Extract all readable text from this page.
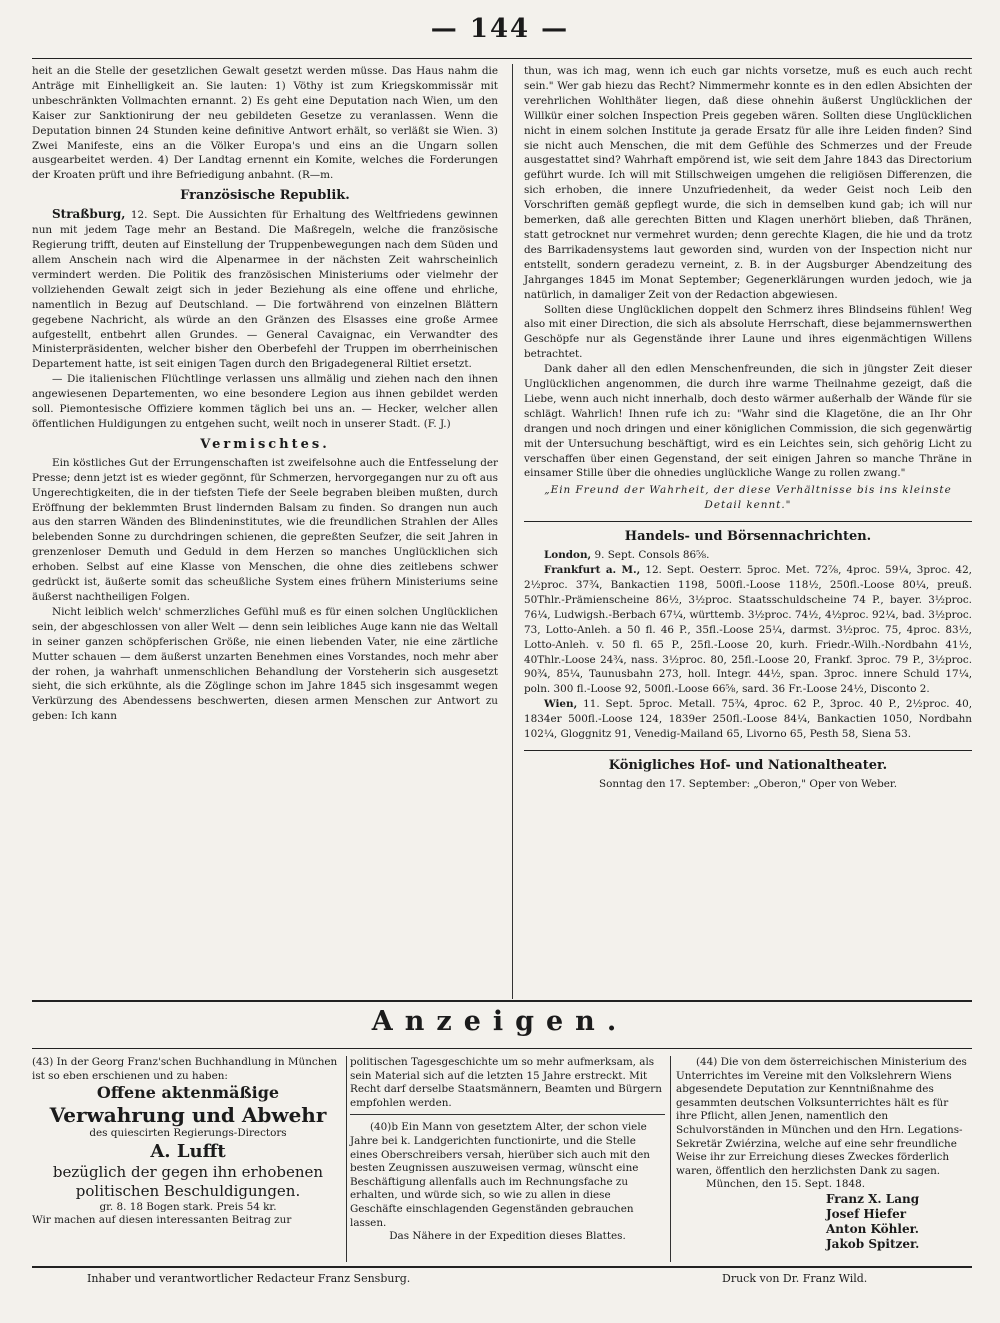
— 144 —

heit an die Stelle der gesetzlichen Gewalt gesetzt werden müsse. Das Haus nahm die Anträge mit Einhelligkeit an. Sie lauten: 1) Vöthy ist zum Kriegskommissär mit unbeschränkten Vollmachten ernannt. 2) Es geht eine Deputation nach Wien, um den Kaiser zur Sanktionirung der neu gebildeten Gesetze zu veranlassen. Wenn die Deputation binnen 24 Stunden keine definitive Antwort erhält, so verläßt sie Wien. 3) Zwei Manifeste, eins an die Völker Europa's und eins an die Ungarn sollen ausgearbeitet werden. 4) Der Landtag ernennt ein Komite, welches die Forderungen der Kroaten prüft und ihre Befriedigung anbahnt. (R—m.

Französische Republik.

Straßburg, 12. Sept. Die Aussichten für Erhaltung des Weltfriedens gewinnen nun mit jedem Tage mehr an Bestand. Die Maßregeln, welche die französische Regierung trifft, deuten auf Einstellung der Truppenbewegungen nach dem Süden und allem Anschein nach wird die Alpenarmee in der nächsten Zeit wahrscheinlich vermindert werden. Die Politik des französischen Ministeriums oder vielmehr der vollziehenden Gewalt zeigt sich in jeder Beziehung als eine offene und ehrliche, namentlich in Bezug auf Deutschland. — Die fortwährend von einzelnen Blättern gegebene Nachricht, als würde an den Gränzen des Elsasses eine große Armee aufgestellt, entbehrt allen Grundes. — General Cavaignac, ein Verwandter des Ministerpräsidenten, welcher bisher den Oberbefehl der Truppen im oberrheinischen Departement hatte, ist seit einigen Tagen durch den Brigadegeneral Riltiet ersetzt.

— Die italienischen Flüchtlinge verlassen uns allmälig und ziehen nach den ihnen angewiesenen Departementen, wo eine besondere Legion aus ihnen gebildet werden soll. Piemontesische Offiziere kommen täglich bei uns an. — Hecker, welcher allen öffentlichen Huldigungen zu entgehen sucht, weilt noch in unserer Stadt. (F. J.)

Vermischtes.

Ein köstliches Gut der Errungenschaften ist zweifelsohne auch die Entfesselung der Presse; denn jetzt ist es wieder gegönnt, für Schmerzen, hervorgegangen nur zu oft aus Ungerechtigkeiten, die in der tiefsten Tiefe der Seele begraben bleiben mußten, durch Eröffnung der beklemmten Brust lindernden Balsam zu finden. So drangen nun auch aus den starren Wänden des Blindeninstitutes, wie die freundlichen Strahlen der Alles belebenden Sonne zu durchdringen schienen, die gepreßten Seufzer, die seit Jahren in grenzenloser Demuth und Geduld in dem Herzen so manches Unglücklichen sich erhoben. Selbst auf eine Klasse von Menschen, die ohne dies zeitlebens schwer gedrückt ist, äußerte somit das scheußliche System eines frühern Ministeriums seine äußerst nachtheiligen Folgen.

Nicht leiblich welch' schmerzliches Gefühl muß es für einen solchen Unglücklichen sein, der abgeschlossen von aller Welt — denn sein leibliches Auge kann nie das Weltall in seiner ganzen schöpferischen Größe, nie einen liebenden Vater, nie eine zärtliche Mutter schauen — dem äußerst unzarten Benehmen eines Vorstandes, noch mehr aber der rohen, ja wahrhaft unmenschlichen Behandlung der Vorsteherin sich ausgesetzt sieht, die sich erkühnte, als die Zöglinge schon im Jahre 1845 sich insgesammt wegen Verkürzung des Abendessens beschwerten, diesen armen Menschen zur Antwort zu geben: Ich kann

thun, was ich mag, wenn ich euch gar nichts vorsetze, muß es euch auch recht sein." Wer gab hiezu das Recht? Nimmermehr konnte es in den edlen Absichten der verehrlichen Wohlthäter liegen, daß diese ohnehin äußerst Unglücklichen der Willkür einer solchen Inspection Preis gegeben wären. Sollten diese Unglücklichen nicht in einem solchen Institute ja gerade Ersatz für alle ihre Leiden finden? Sind sie nicht auch Menschen, die mit dem Gefühle des Schmerzes und der Freude ausgestattet sind? Wahrhaft empörend ist, wie seit dem Jahre 1843 das Directorium geführt wurde. Ich will mit Stillschweigen umgehen die religiösen Differenzen, die sich erhoben, die innere Unzufriedenheit, da weder Geist noch Leib den Vorschriften gemäß gepflegt wurde, die sich in demselben kund gab; ich will nur bemerken, daß alle gerechten Bitten und Klagen unerhört blieben, daß Thränen, statt getrocknet nur vermehret wurden; denn gerechte Klagen, die hie und da trotz des Barrikadensystems laut geworden sind, wurden von der Inspection nicht nur entstellt, sondern geradezu verneint, z. B. in der Augsburger Abendzeitung des Jahrganges 1845 im Monat September; Gegenerklärungen wurden jedoch, wie ja natürlich, in damaliger Zeit von der Redaction abgewiesen.

Sollten diese Unglücklichen doppelt den Schmerz ihres Blindseins fühlen! Weg also mit einer Direction, die sich als absolute Herrschaft, diese bejammernswerthen Geschöpfe nur als Gegenstände ihrer Laune und ihres eigenmächtigen Willens betrachtet.

Dank daher all den edlen Menschenfreunden, die sich in jüngster Zeit dieser Unglücklichen angenommen, die durch ihre warme Theilnahme gezeigt, daß die Liebe, wenn auch nicht innerhalb, doch desto wärmer außerhalb der Wände für sie schlägt. Wahrlich! Ihnen rufe ich zu: "Wahr sind die Klagetöne, die an Ihr Ohr drangen und noch dringen und einer königlichen Commission, die sich gegenwärtig mit der Untersuchung beschäftigt, wird es ein Leichtes sein, sich gehörig Licht zu verschaffen über einen Gegenstand, der seit einigen Jahren so manche Thräne in einsamer Stille über die ohnedies unglückliche Wange zu rollen zwang."

„Ein Freund der Wahrheit, der diese Verhältnisse bis ins kleinste Detail kennt."
Handels- und Börsennachrichten.

London, 9. Sept. Consols 86⅝.

Frankfurt a. M., 12. Sept. Oesterr. 5proc. Met. 72⅞, 4proc. 59¼, 3proc. 42, 2½proc. 37¾, Bankactien 1198, 500fl.-Loose 118½, 250fl.-Loose 80¼, preuß. 50Thlr.-Prämienscheine 86½, 3½proc. Staatsschuldscheine 74 P., bayer. 3½proc. 76¼, Ludwigsh.-Berbach 67¼, württemb. 3½proc. 74½, 4½proc. 92¼, bad. 3½proc. 73, Lotto-Anleh. a 50 fl. 46 P., 35fl.-Loose 25¼, darmst. 3½proc. 75, 4proc. 83½, Lotto-Anleh. v. 50 fl. 65 P., 25fl.-Loose 20, kurh. Friedr.-Wilh.-Nordbahn 41½, 40Thlr.-Loose 24¾, nass. 3½proc. 80, 25fl.-Loose 20, Frankf. 3proc. 79 P., 3½proc. 90¾, 85¼, Taunusbahn 273, holl. Integr. 44½, span. 3proc. innere Schuld 17¼, poln. 300 fl.-Loose 92, 500fl.-Loose 66⅝, sard. 36 Fr.-Loose 24½, Disconto 2.

Wien, 11. Sept. 5proc. Metall. 75¾, 4proc. 62 P., 3proc. 40 P., 2½proc. 40, 1834er 500fl.-Loose 124, 1839er 250fl.-Loose 84¼, Bankactien 1050, Nordbahn 102¼, Gloggnitz 91, Venedig-Mailand 65, Livorno 65, Pesth 58, Siena 53.

Königliches Hof- und Nationaltheater.

Sonntag den 17. September: „Oberon," Oper von Weber.

Anzeigen.

(43) In der Georg Franz'schen Buchhandlung in München ist so eben erschienen und zu haben:

Offene aktenmäßige

Verwahrung und Abwehr

des quiescirten Regierungs-Directors

A. Lufft

bezüglich der gegen ihn erhobenen politischen Beschuldigungen.

gr. 8. 18 Bogen stark. Preis 54 kr.

Wir machen auf diesen interessanten Beitrag zur

politischen Tagesgeschichte um so mehr aufmerksam, als sein Material sich auf die letzten 15 Jahre erstreckt. Mit Recht darf derselbe Staatsmännern, Beamten und Bürgern empfohlen werden.

(40)b Ein Mann von gesetztem Alter, der schon viele Jahre bei k. Landgerichten functionirte, und die Stelle eines Oberschreibers versah, hierüber sich auch mit den besten Zeugnissen auszuweisen vermag, wünscht eine Beschäftigung allenfalls auch im Rechnungsfache zu erhalten, und würde sich, so wie zu allen in diese Geschäfte einschlagenden Gegenständen gebrauchen lassen.

Das Nähere in der Expedition dieses Blattes.

(44) Die von dem österreichischen Ministerium des Unterrichtes im Vereine mit den Volkslehrern Wiens abgesendete Deputation zur Kenntnißnahme des gesammten deutschen Volksunterrichtes hält es für ihre Pflicht, allen Jenen, namentlich den Schulvorständen in München und den Hrn. Legations-Sekretär Zwiérzina, welche auf eine sehr freundliche Weise ihr zur Erreichung dieses Zweckes förderlich waren, öffentlich den herzlichsten Dank zu sagen.

München, den 15. Sept. 1848.

Franz X. Lang
Josef Hiefer
Anton Köhler.
Jakob Spitzer.
Inhaber und verantwortlicher Redacteur Franz Sensburg.	Druck von Dr. Franz Wild.
